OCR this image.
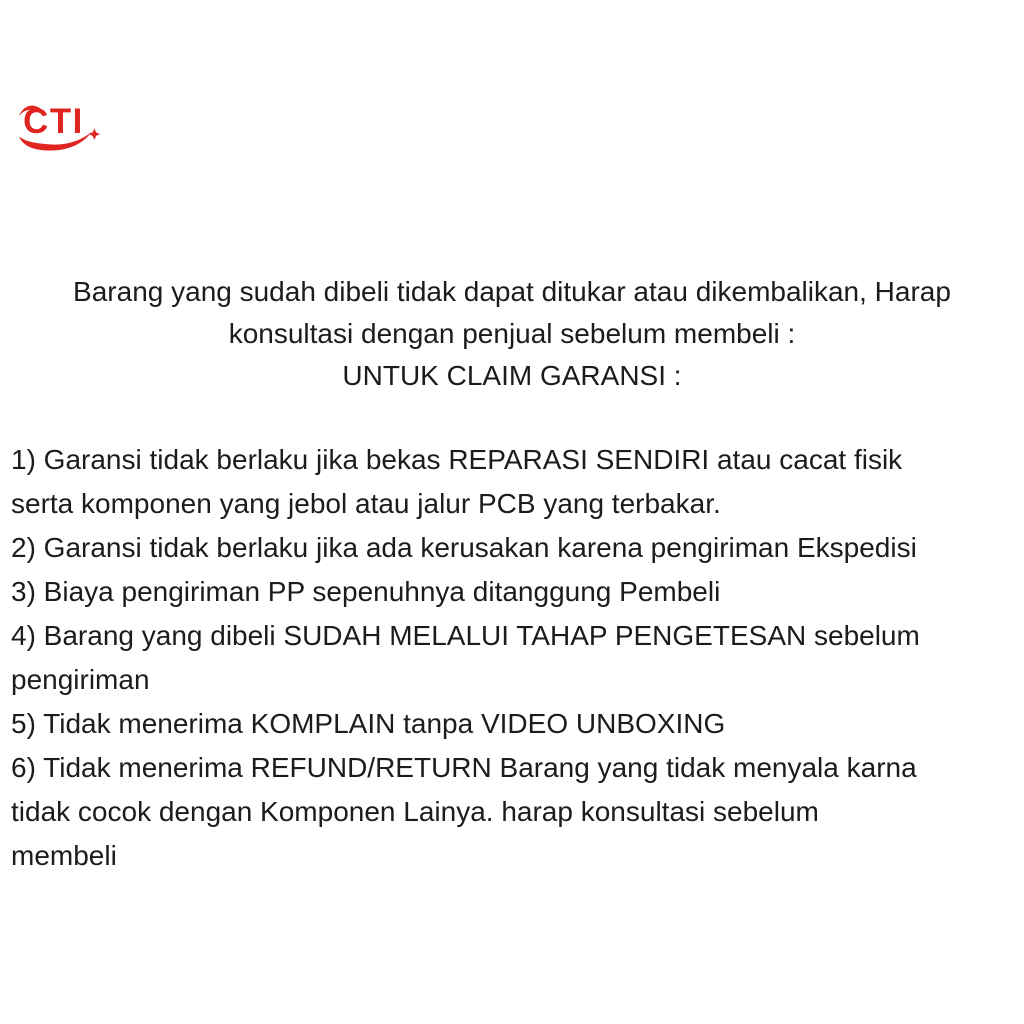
CTI
Barang yang sudah dibeli tidak dapat ditukar atau dikembalikan, Harap
konsultasi dengan penjual sebelum membeli :
UNTUK CLAIM GARANSI :
1) Garansi tidak berlaku jika bekas REPARASI SENDIRI atau cacat fisik
serta komponen yang jebol atau jalur PCB yang terbakar.
2) Garansi tidak berlaku jika ada kerusakan karena pengiriman Ekspedisi
3) Biaya pengiriman PP sepenuhnya ditanggung Pembeli
4) Barang yang dibeli SUDAH MELALUI TAHAP PENGETESAN sebelum
pengiriman
5) Tidak menerima KOMPLAIN tanpa VIDEO UNBOXING
6) Tidak menerima REFUND/RETURN Barang yang tidak menyala karna
tidak cocok dengan Komponen Lainya. harap konsultasi sebelum
membeli
